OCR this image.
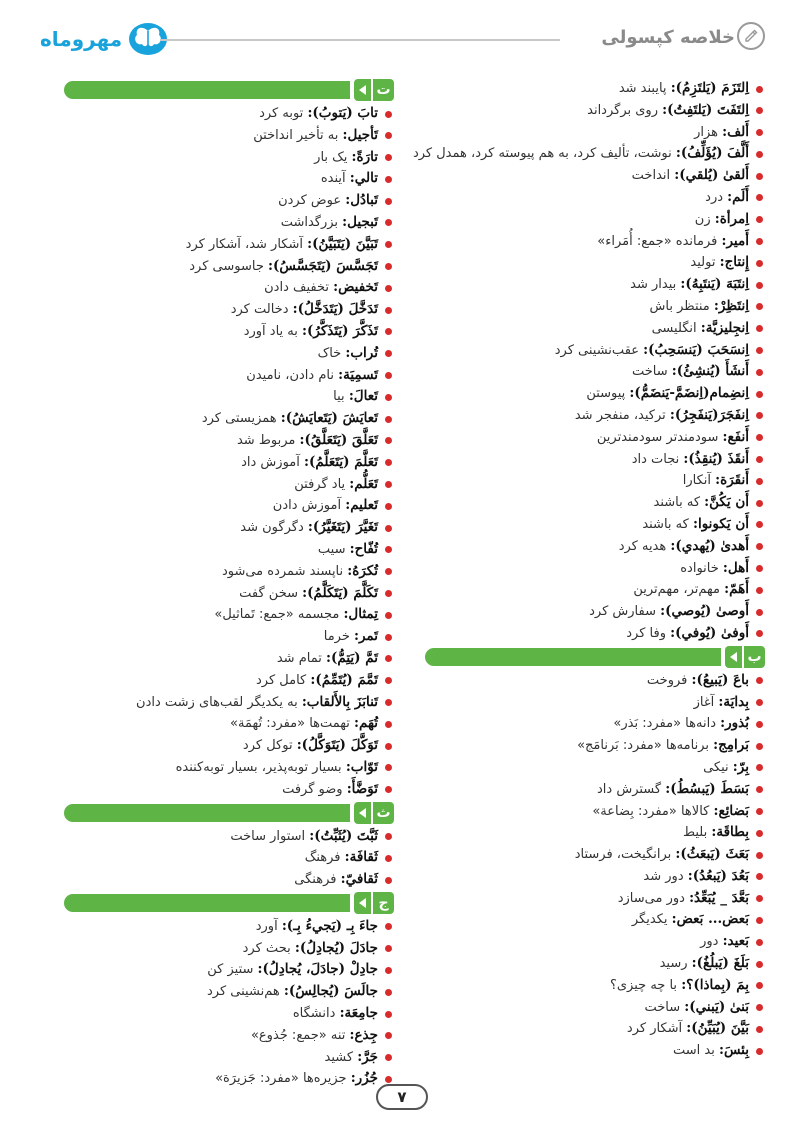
مهروماه	خلاصه کپسولی
اِلتَزَمَ (يَلتَزِمُ): پایبند شد
اِلتَفَتَ (يَلتَفِتُ): روی برگرداند
أَلف: هزار
أَلَّفَ (يُؤَلِّفُ): نوشت، تألیف کرد، به هم پیوسته کرد، همدل کرد
أَلقیٰ (يُلقي): انداخت
أَلَم: درد
اِمرأة: زن
أَمير: فرمانده «جمع: أُمَراء»
إِنتاج: تولید
اِنتَبَهَ (يَنتَبِهُ): بیدار شد
اِنتَظِرْ: منتظر باش
اِنجِليزيَّة: انگلیسی
اِنسَحَبَ (يَنسَحِبُ): عقب‌نشینی کرد
أَنشَأَ (يُنشِئُ): ساخت
اِنضِمام(اِنضَمَّ-يَنضَمُّ): پیوستن
اِنفَجَرَ(يَنفَجِرُ): ترکید، منفجر شد
أَنفَع: سودمندتر سودمندترین
أَنقَذَ (يُنقِذُ): نجات داد
أَنقَرَة: آنکارا
أَن يَكُنَّ: که باشند
أَن يَكونوا: که باشند
أَهدیٰ (يُهدي): هدیه کرد
أَهل: خانواده
أَهَمّ: مهم‌تر، مهم‌ترین
أَوصیٰ (يُوصي): سفارش کرد
أَوفیٰ (يُوفي): وفا کرد
ب
باعَ (يَبيعُ): فروخت
بِدايَة: آغاز
بُذور: دانه‌ها «مفرد: بَذر»
بَرامِج: برنامه‌ها «مفرد: بَرنامَج»
بِرّ: نیکی
بَسَطَ (يَبسُطُ): گسترش داد
بَضائِع: کالاها «مفرد: بِضاعة»
بِطاقَة: بلیط
بَعَثَ (يَبعَثُ): برانگیخت، فرستاد
بَعُدَ (يَبعُدُ): دور شد
بَعَّدَ _ يُبَعِّدُ: دور می‌سازد
بَعض... بَعض: یکدیگر
بَعيد: دور
بَلَغَ (يَبلُغُ): رسید
بِمَ (بِماذا)؟: با چه چیزی؟
بَنیٰ (يَبني): ساخت
بَيَّنَ (يُبَيِّنُ): آشکار کرد
بِئسَ: بد است
ت
تابَ (يَتوبُ): توبه کرد
تَأجيل: به تأخیر انداختن
تارَةً: یک بار
تالي: آینده
تَبادُل: عوض کردن
تَبجيل: بزرگداشت
تَبَيَّنَ (يَتَبَيَّنُ): آشکار شد، آشکار کرد
تَجَسَّسَ (يَتَجَسَّسُ): جاسوسی کرد
تَخفيض: تخفیف دادن
تَدَخَّلَ (يَتَدَخَّلُ): دخالت کرد
تَذَكَّرَ (يَتَذَكَّرُ): به یاد آورد
تُراب: خاک
تَسمِيَة: نام دادن، نامیدن
تَعالَ: بیا
تَعايَشَ (يَتَعايَشُ): همزیستی کرد
تَعَلَّقَ (يَتَعَلَّقُ): مربوط شد
تَعَلَّمَ (يَتَعَلَّمُ): آموزش داد
تَعَلُّم: یاد گرفتن
تَعليم: آموزش دادن
تَغَيَّرَ (يَتَغَيَّرُ): دگرگون شد
تُفّاح: سیب
تُكرَهُ: ناپسند شمرده می‌شود
تَكَلَّمَ (يَتَكَلَّمُ): سخن گفت
تِمثال: مجسمه «جمع: تَماثيل»
تَمر: خرما
تَمَّ (يَتِمُّ): تمام شد
تَمَّمَ (يُتَمِّمُ): کامل کرد
تَنابَزَ بِالأَلقاب: به یکدیگر لقب‌های زشت دادن
تُهَم: تهمت‌ها «مفرد: تُهمَة»
تَوَكَّلَ (يَتَوَكَّلُ): توکل کرد
تَوّاب: بسیار توبه‌پذیر، بسیار توبه‌کننده
تَوَضَّأَ: وضو گرفت
ث
ثَبَّتَ (يُثَبِّتُ): استوار ساخت
ثَقافَة: فرهنگ
ثَقافيّ: فرهنگی
ج
جاءَ بِـ (يَجيءُ بِـ): آورد
جادَلَ (يُجادِلُ): بحث کرد
جادِلْ (جادَلَ، يُجادِلُ): ستیز کن
جالَسَ (يُجالِسُ): هم‌نشینی کرد
جامِعَة: دانشگاه
جِذع: تنه «جمع: جُذوع»
جَرَّ: کشید
جُزُر: جزیره‌ها «مفرد: جَزيرَة»
۷
